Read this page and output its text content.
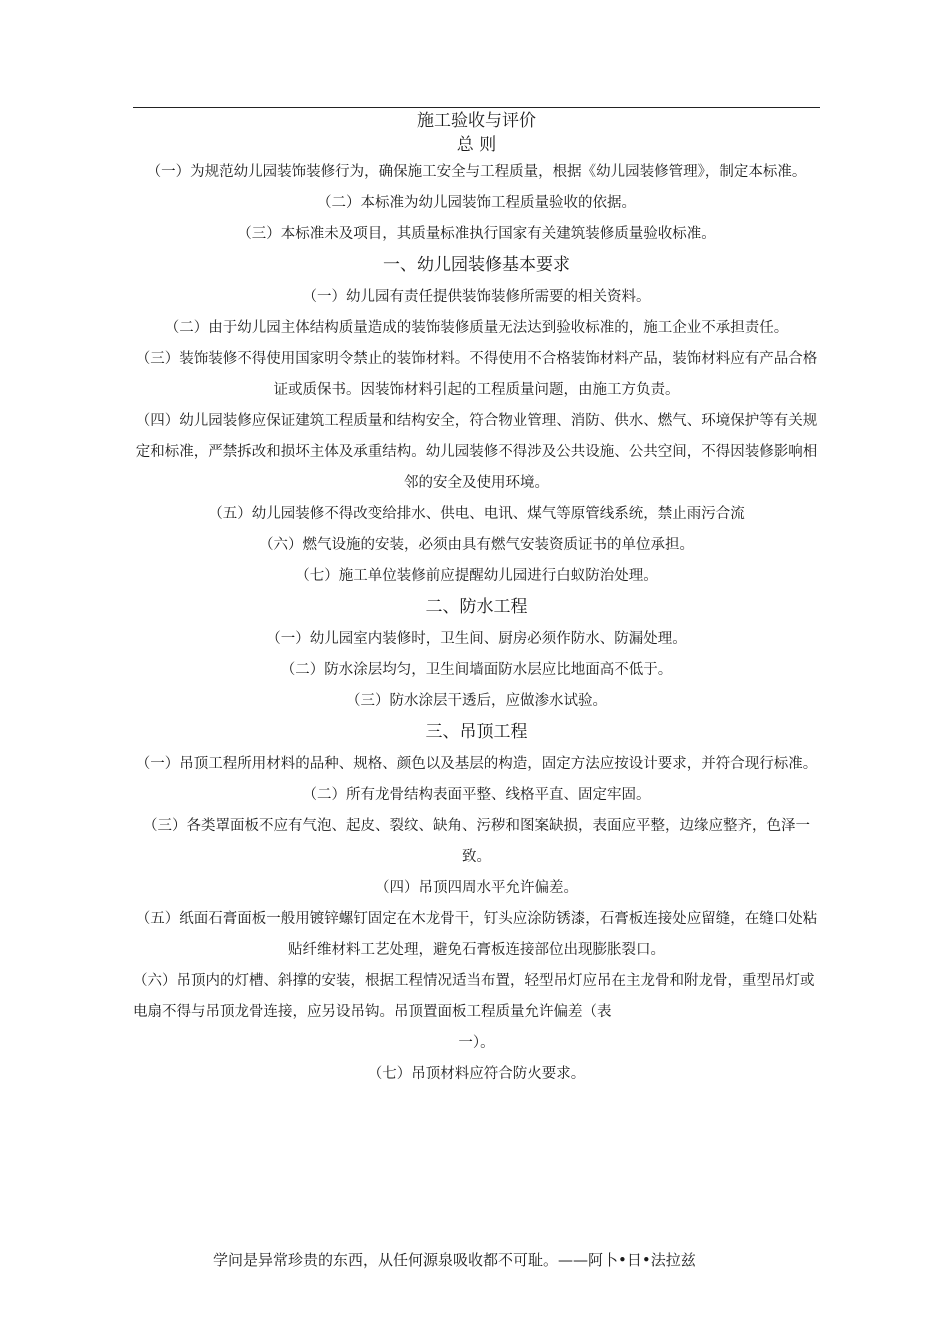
施工验收与评价

总 则

（一）为规范幼儿园装饰装修行为，确保施工安全与工程质量，根据《幼儿园装修管理》，制定本标准。

（二）本标准为幼儿园装饰工程质量验收的依据。

（三）本标准未及项目，其质量标准执行国家有关建筑装修质量验收标准。

一、幼儿园装修基本要求

（一）幼儿园有责任提供装饰装修所需要的相关资料。

（二）由于幼儿园主体结构质量造成的装饰装修质量无法达到验收标准的，施工企业不承担责任。

（三）装饰装修不得使用国家明令禁止的装饰材料。不得使用不合格装饰材料产品，装饰材料应有产品合格证或质保书。因装饰材料引起的工程质量问题，由施工方负责。

（四）幼儿园装修应保证建筑工程质量和结构安全，符合物业管理、消防、供水、燃气、环境保护等有关规定和标准，严禁拆改和损坏主体及承重结构。幼儿园装修不得涉及公共设施、公共空间，不得因装修影响相邻的安全及使用环境。

（五）幼儿园装修不得改变给排水、供电、电讯、煤气等原管线系统，禁止雨污合流

（六）燃气设施的安装，必须由具有燃气安装资质证书的单位承担。

（七）施工单位装修前应提醒幼儿园进行白蚁防治处理。

二、防水工程

（一）幼儿园室内装修时，卫生间、厨房必须作防水、防漏处理。

（二）防水涂层均匀，卫生间墙面防水层应比地面高不低于。

（三）防水涂层干透后，应做渗水试验。

三、吊顶工程

（一）吊顶工程所用材料的品种、规格、颜色以及基层的构造，固定方法应按设计要求，并符合现行标准。

（二）所有龙骨结构表面平整、线格平直、固定牢固。

（三）各类罩面板不应有气泡、起皮、裂纹、缺角、污秽和图案缺损，表面应平整，边缘应整齐，色泽一致。

（四）吊顶四周水平允许偏差。

（五）纸面石膏面板一般用镀锌螺钉固定在木龙骨干，钉头应涂防锈漆，石膏板连接处应留缝，在缝口处粘贴纤维材料工艺处理，避免石膏板连接部位出现膨胀裂口。

（六）吊顶内的灯槽、斜撑的安装，根据工程情况适当布置，轻型吊灯应吊在主龙骨和附龙骨，重型吊灯或电扇不得与吊顶龙骨连接，应另设吊钩。吊顶置面板工程质量允许偏差（表

一）。

（七）吊顶材料应符合防火要求。

学问是异常珍贵的东西，从任何源泉吸收都不可耻。——阿卜•日•法拉兹
